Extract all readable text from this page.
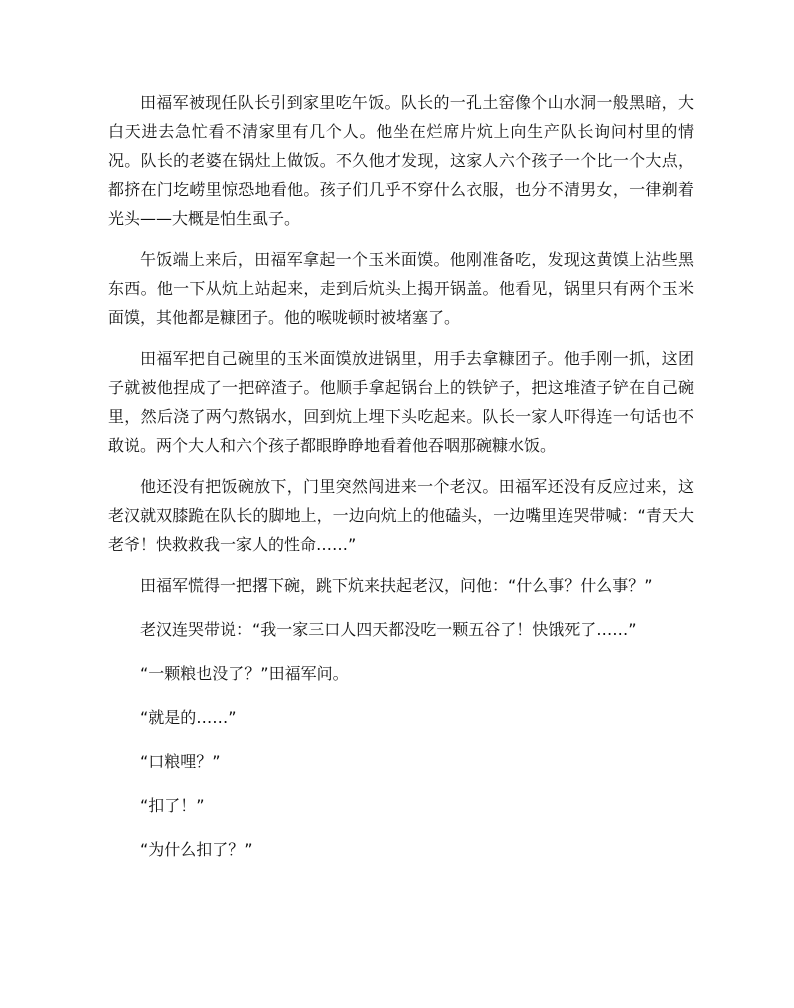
田福军被现任队长引到家里吃午饭。队长的一孔土窑像个山水洞一般黑暗，大白天进去急忙看不清家里有几个人。他坐在烂席片炕上向生产队长询问村里的情况。队长的老婆在锅灶上做饭。不久他才发现，这家人六个孩子一个比一个大点，都挤在门圪崂里惊恐地看他。孩子们几乎不穿什么衣服，也分不清男女，一律剃着光头——大概是怕生虱子。

午饭端上来后，田福军拿起一个玉米面馍。他刚准备吃，发现这黄馍上沾些黑东西。他一下从炕上站起来，走到后炕头上揭开锅盖。他看见，锅里只有两个玉米面馍，其他都是糠团子。他的喉咙顿时被堵塞了。

田福军把自己碗里的玉米面馍放进锅里，用手去拿糠团子。他手刚一抓，这团子就被他捏成了一把碎渣子。他顺手拿起锅台上的铁铲子，把这堆渣子铲在自己碗里，然后浇了两勺熬锅水，回到炕上埋下头吃起来。队长一家人吓得连一句话也不敢说。两个大人和六个孩子都眼睁睁地看着他吞咽那碗糠水饭。

他还没有把饭碗放下，门里突然闯进来一个老汉。田福军还没有反应过来，这老汉就双膝跪在队长的脚地上，一边向炕上的他磕头，一边嘴里连哭带喊：“青天大老爷！快救救我一家人的性命……”

田福军慌得一把撂下碗，跳下炕来扶起老汉，问他：“什么事？什么事？”

老汉连哭带说：“我一家三口人四天都没吃一颗五谷了！快饿死了……”

“一颗粮也没了？”田福军问。

“就是的……”

“口粮哩？”

“扣了！”

“为什么扣了？”
